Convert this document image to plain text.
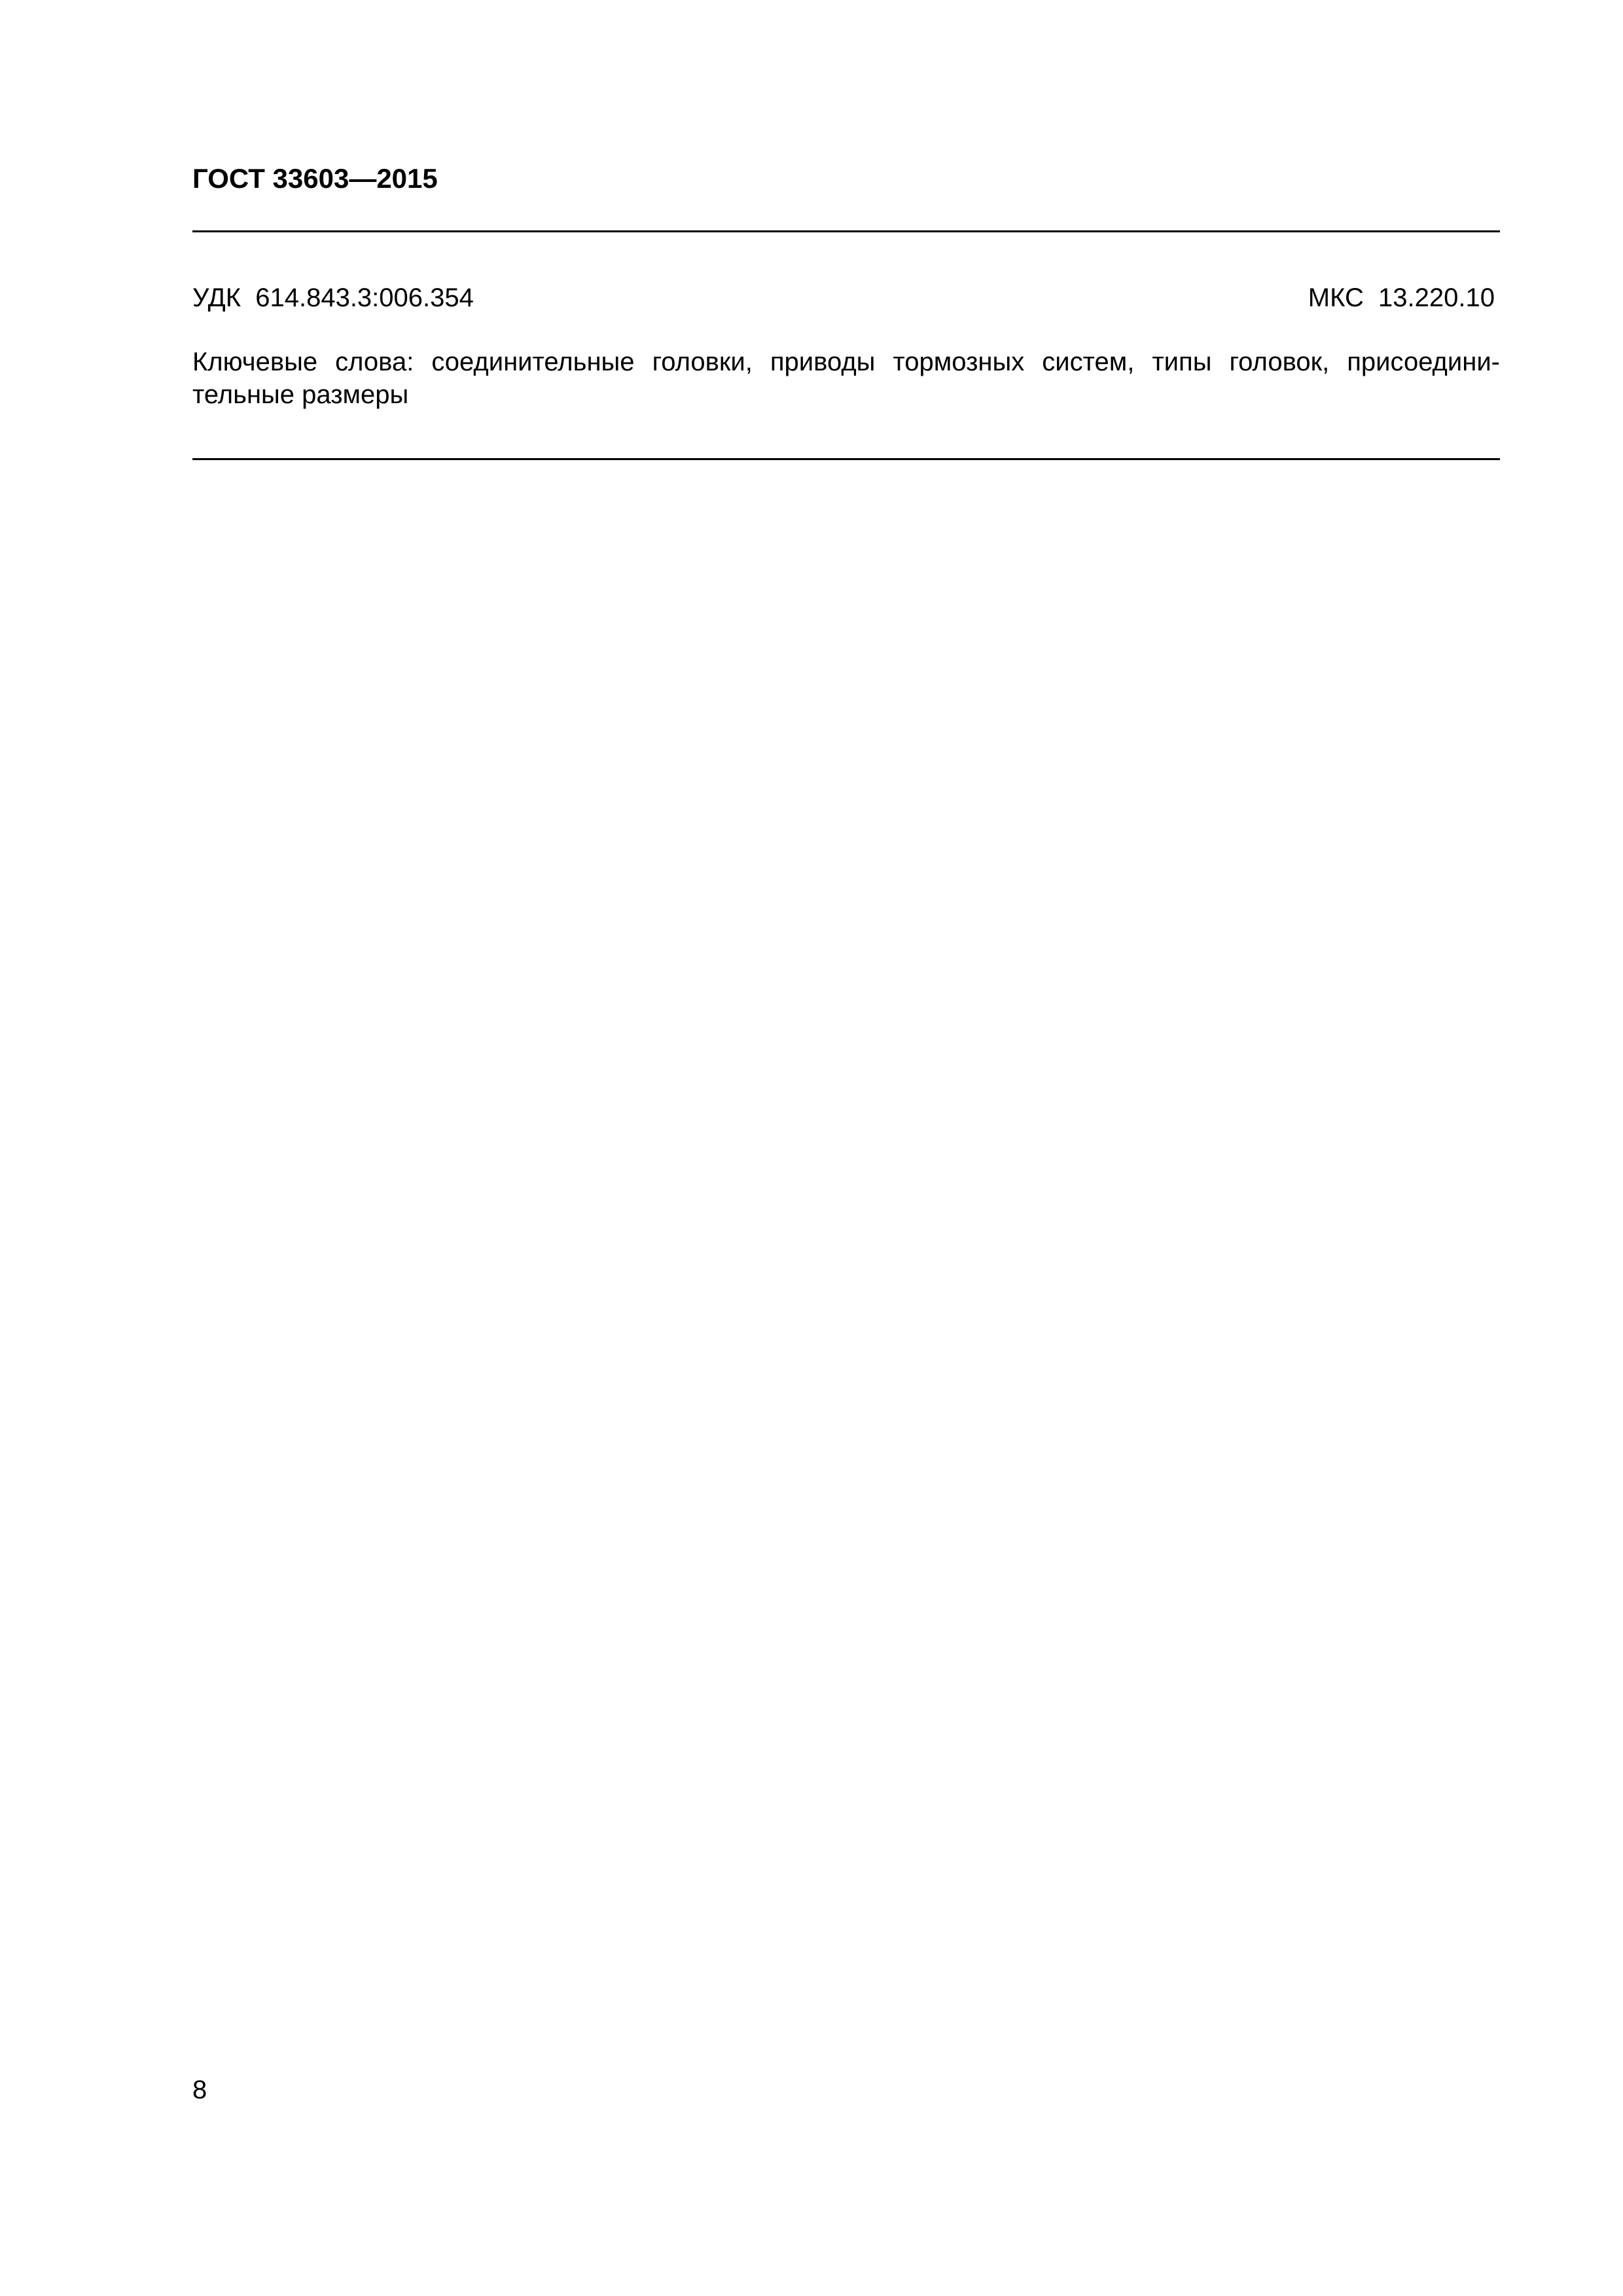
ГОСТ 33603—2015
УДК  614.843.3:006.354	МКС  13.220.10
Ключевые слова: соединительные головки, приводы тормозных систем, типы головок, присоедини-
тельные размеры
8
